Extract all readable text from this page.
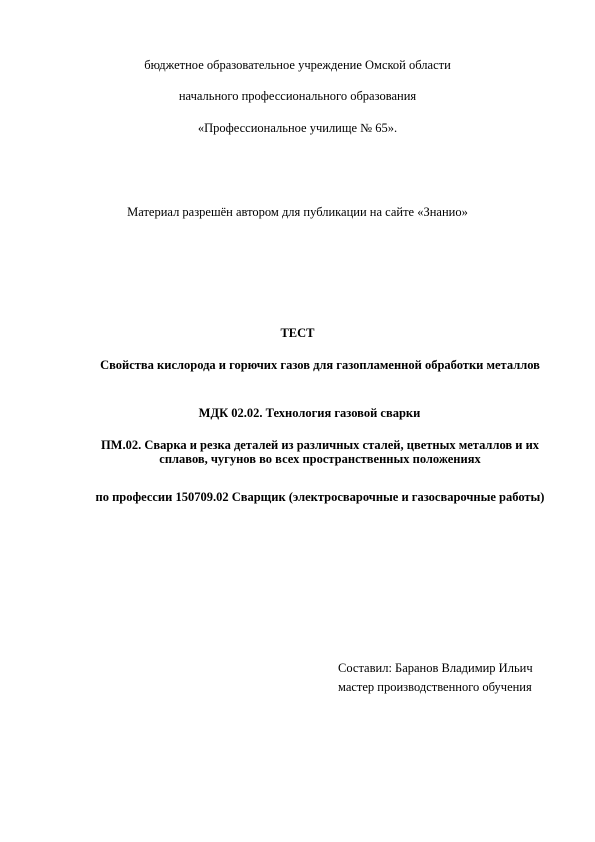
бюджетное образовательное учреждение Омской области
начального профессионального образования
«Профессиональное училище № 65».
Материал разрешён автором для публикации на сайте «Знанио»
ТЕСТ
Свойства кислорода и горючих газов для газопламенной обработки металлов
МДК 02.02. Технология газовой сварки
ПМ.02. Сварка и резка деталей из различных сталей, цветных металлов и их сплавов, чугунов во всех пространственных положениях
по профессии 150709.02 Сварщик (электросварочные и газосварочные работы)
Составил: Баранов Владимир Ильич
мастер производственного обучения
